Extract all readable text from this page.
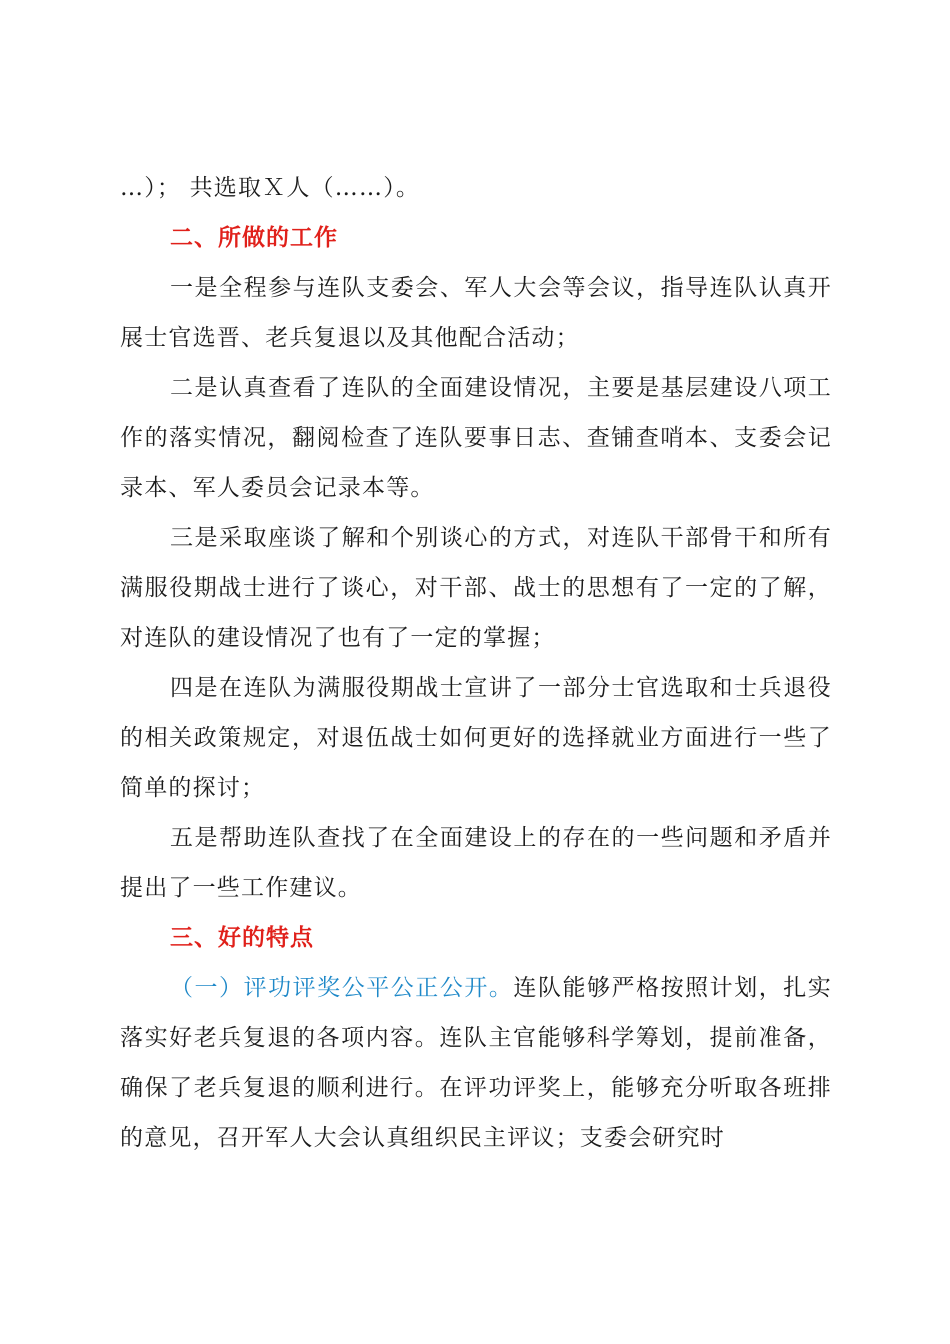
…）； 共选取Ｘ人（……）。

二、所做的工作

一是全程参与连队支委会、军人大会等会议，指导连队认真开展士官选晋、老兵复退以及其他配合活动；

二是认真查看了连队的全面建设情况，主要是基层建设八项工作的落实情况，翻阅检查了连队要事日志、查铺查哨本、支委会记录本、军人委员会记录本等。

三是采取座谈了解和个别谈心的方式，对连队干部骨干和所有满服役期战士进行了谈心，对干部、战士的思想有了一定的了解，对连队的建设情况了也有了一定的掌握；

四是在连队为满服役期战士宣讲了一部分士官选取和士兵退役的相关政策规定，对退伍战士如何更好的选择就业方面进行一些了简单的探讨；

五是帮助连队查找了在全面建设上的存在的一些问题和矛盾并提出了一些工作建议。

三、好的特点

（一）评功评奖公平公正公开。连队能够严格按照计划，扎实落实好老兵复退的各项内容。连队主官能够科学筹划，提前准备，确保了老兵复退的顺利进行。在评功评奖上，能够充分听取各班排的意见，召开军人大会认真组织民主评议；支委会研究时
